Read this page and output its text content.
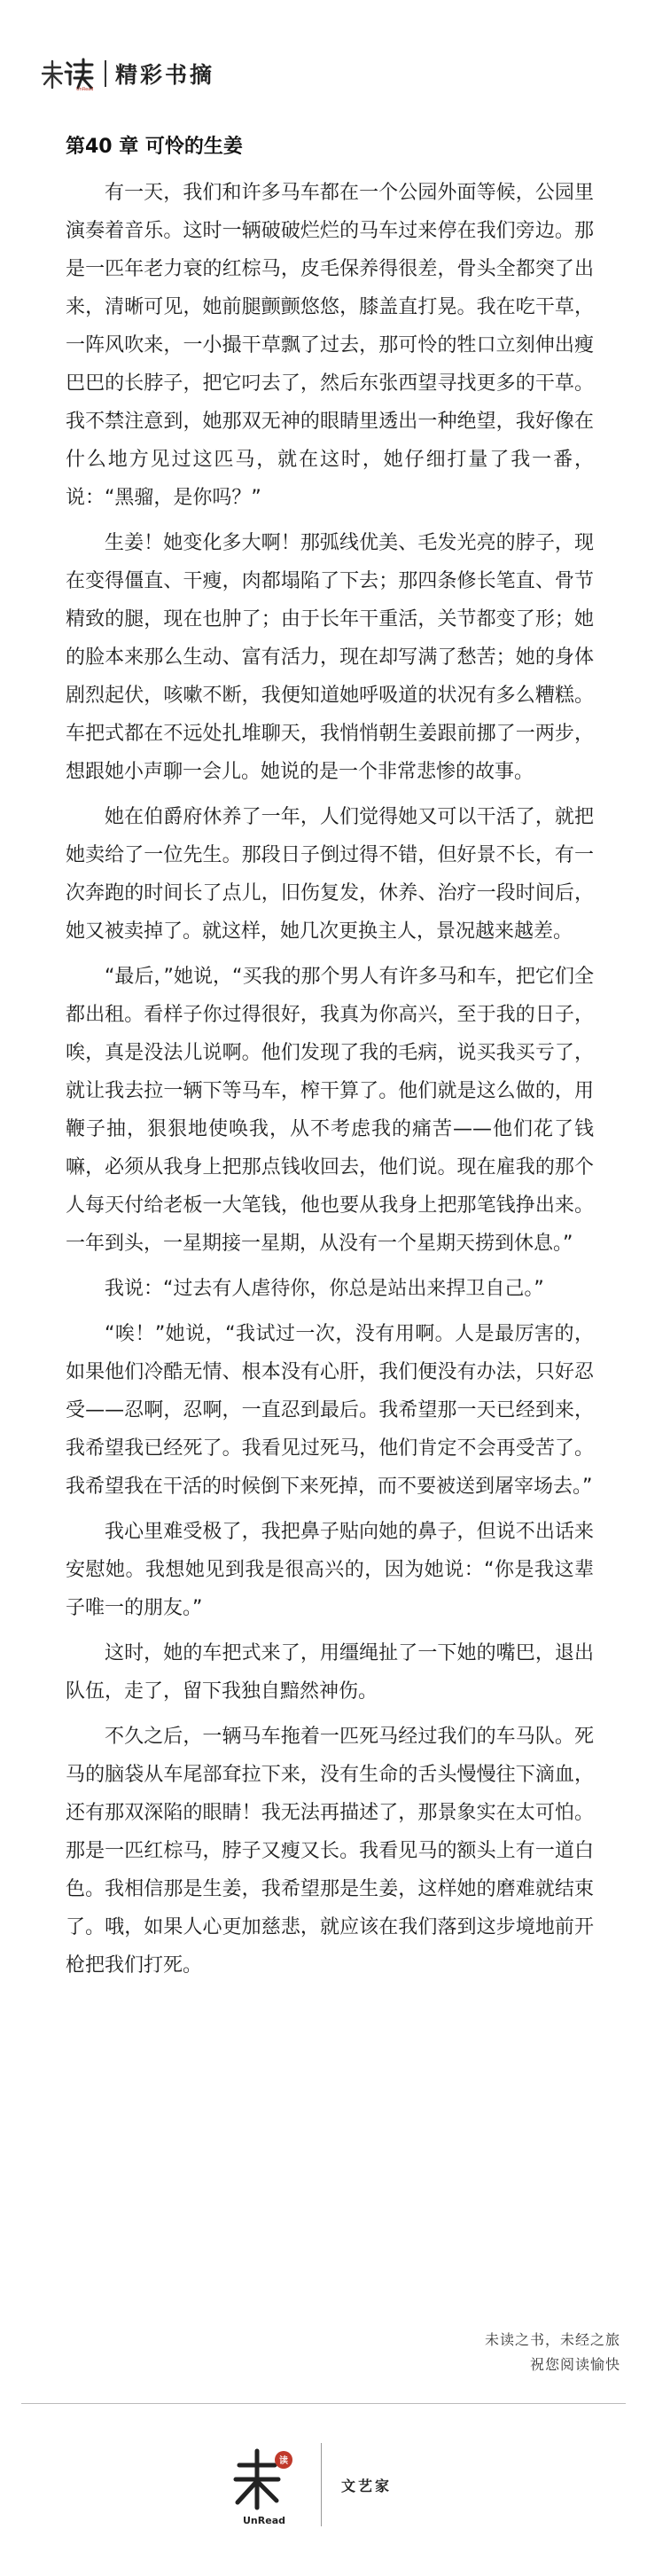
UnRead
精彩书摘
第40 章 可怜的生姜

有一天，我们和许多马车都在一个公园外面等候，公园里演奏着音乐。这时一辆破破烂烂的马车过来停在我们旁边。那是一匹年老力衰的红棕马，皮毛保养得很差，骨头全都突了出来，清晰可见，她前腿颤颤悠悠，膝盖直打晃。我在吃干草，一阵风吹来，一小撮干草飘了过去，那可怜的牲口立刻伸出瘦巴巴的长脖子，把它叼去了，然后东张西望寻找更多的干草。我不禁注意到，她那双无神的眼睛里透出一种绝望，我好像在什么地方见过这匹马，就在这时，她仔细打量了我一番，说：“黑骝，是你吗？”

生姜！她变化多大啊！那弧线优美、毛发光亮的脖子，现在变得僵直、干瘦，肉都塌陷了下去；那四条修长笔直、骨节精致的腿，现在也肿了；由于长年干重活，关节都变了形；她的脸本来那么生动、富有活力，现在却写满了愁苦；她的身体剧烈起伏，咳嗽不断，我便知道她呼吸道的状况有多么糟糕。车把式都在不远处扎堆聊天，我悄悄朝生姜跟前挪了一两步，想跟她小声聊一会儿。她说的是一个非常悲惨的故事。

她在伯爵府休养了一年，人们觉得她又可以干活了，就把她卖给了一位先生。那段日子倒过得不错，但好景不长，有一次奔跑的时间长了点儿，旧伤复发，休养、治疗一段时间后，她又被卖掉了。就这样，她几次更换主人，景况越来越差。

“最后，”她说，“买我的那个男人有许多马和车，把它们全都出租。看样子你过得很好，我真为你高兴，至于我的日子，唉，真是没法儿说啊。他们发现了我的毛病，说买我买亏了，就让我去拉一辆下等马车，榨干算了。他们就是这么做的，用鞭子抽，狠狠地使唤我，从不考虑我的痛苦——他们花了钱嘛，必须从我身上把那点钱收回去，他们说。现在雇我的那个人每天付给老板一大笔钱，他也要从我身上把那笔钱挣出来。一年到头，一星期接一星期，从没有一个星期天捞到休息。”

我说：“过去有人虐待你，你总是站出来捍卫自己。”

“唉！”她说，“我试过一次，没有用啊。人是最厉害的，如果他们冷酷无情、根本没有心肝，我们便没有办法，只好忍受——忍啊，忍啊，一直忍到最后。我希望那一天已经到来，我希望我已经死了。我看见过死马，他们肯定不会再受苦了。我希望我在干活的时候倒下来死掉，而不要被送到屠宰场去。”

我心里难受极了，我把鼻子贴向她的鼻子，但说不出话来安慰她。我想她见到我是很高兴的，因为她说：“你是我这辈子唯一的朋友。”

这时，她的车把式来了，用缰绳扯了一下她的嘴巴，退出队伍，走了，留下我独自黯然神伤。

不久之后，一辆马车拖着一匹死马经过我们的车马队。死马的脑袋从车尾部耷拉下来，没有生命的舌头慢慢往下滴血，还有那双深陷的眼睛！我无法再描述了，那景象实在太可怕。那是一匹红棕马，脖子又瘦又长。我看见马的额头上有一道白色。我相信那是生姜，我希望那是生姜，这样她的磨难就结束了。哦，如果人心更加慈悲，就应该在我们落到这步境地前开枪把我们打死。

未读之书，未经之旅
祝您阅读愉快
读
UnRead
文艺家
